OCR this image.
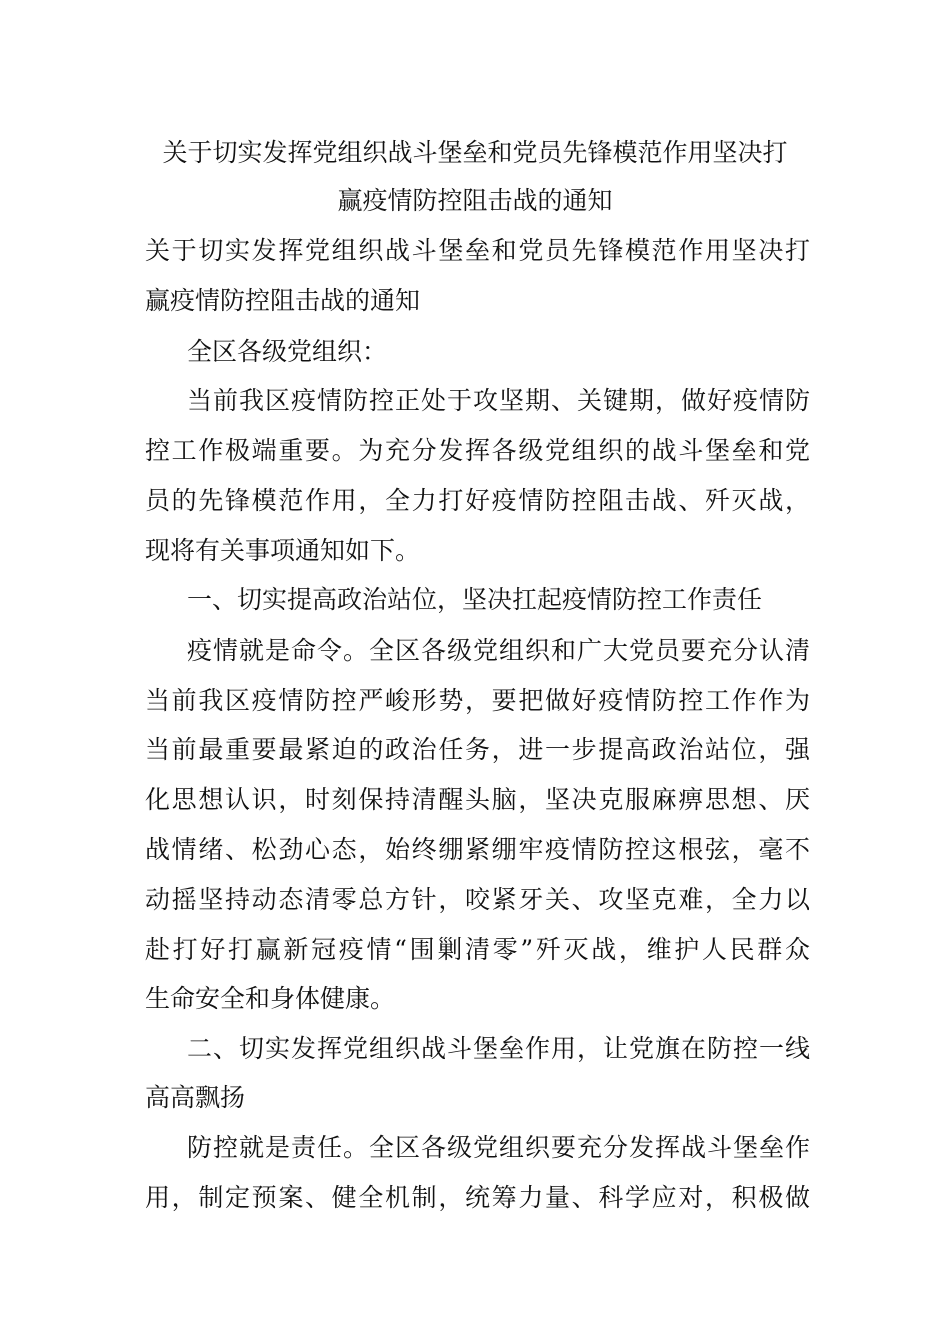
关于切实发挥党组织战斗堡垒和党员先锋模范作用坚决打

赢疫情防控阻击战的通知

关于切实发挥党组织战斗堡垒和党员先锋模范作用坚决打

赢疫情防控阻击战的通知

全区各级党组织：

当前我区疫情防控正处于攻坚期、关键期，做好疫情防

控工作极端重要。为充分发挥各级党组织的战斗堡垒和党

员的先锋模范作用，全力打好疫情防控阻击战、歼灭战，

现将有关事项通知如下。

一、切实提高政治站位，坚决扛起疫情防控工作责任

疫情就是命令。全区各级党组织和广大党员要充分认清

当前我区疫情防控严峻形势，要把做好疫情防控工作作为

当前最重要最紧迫的政治任务，进一步提高政治站位，强

化思想认识，时刻保持清醒头脑，坚决克服麻痹思想、厌

战情绪、松劲心态，始终绷紧绷牢疫情防控这根弦，毫不

动摇坚持动态清零总方针，咬紧牙关、攻坚克难，全力以

赴打好打赢新冠疫情“围剿清零”歼灭战，维护人民群众

生命安全和身体健康。

二、切实发挥党组织战斗堡垒作用，让党旗在防控一线

高高飘扬

防控就是责任。全区各级党组织要充分发挥战斗堡垒作

用，制定预案、健全机制，统筹力量、科学应对，积极做
